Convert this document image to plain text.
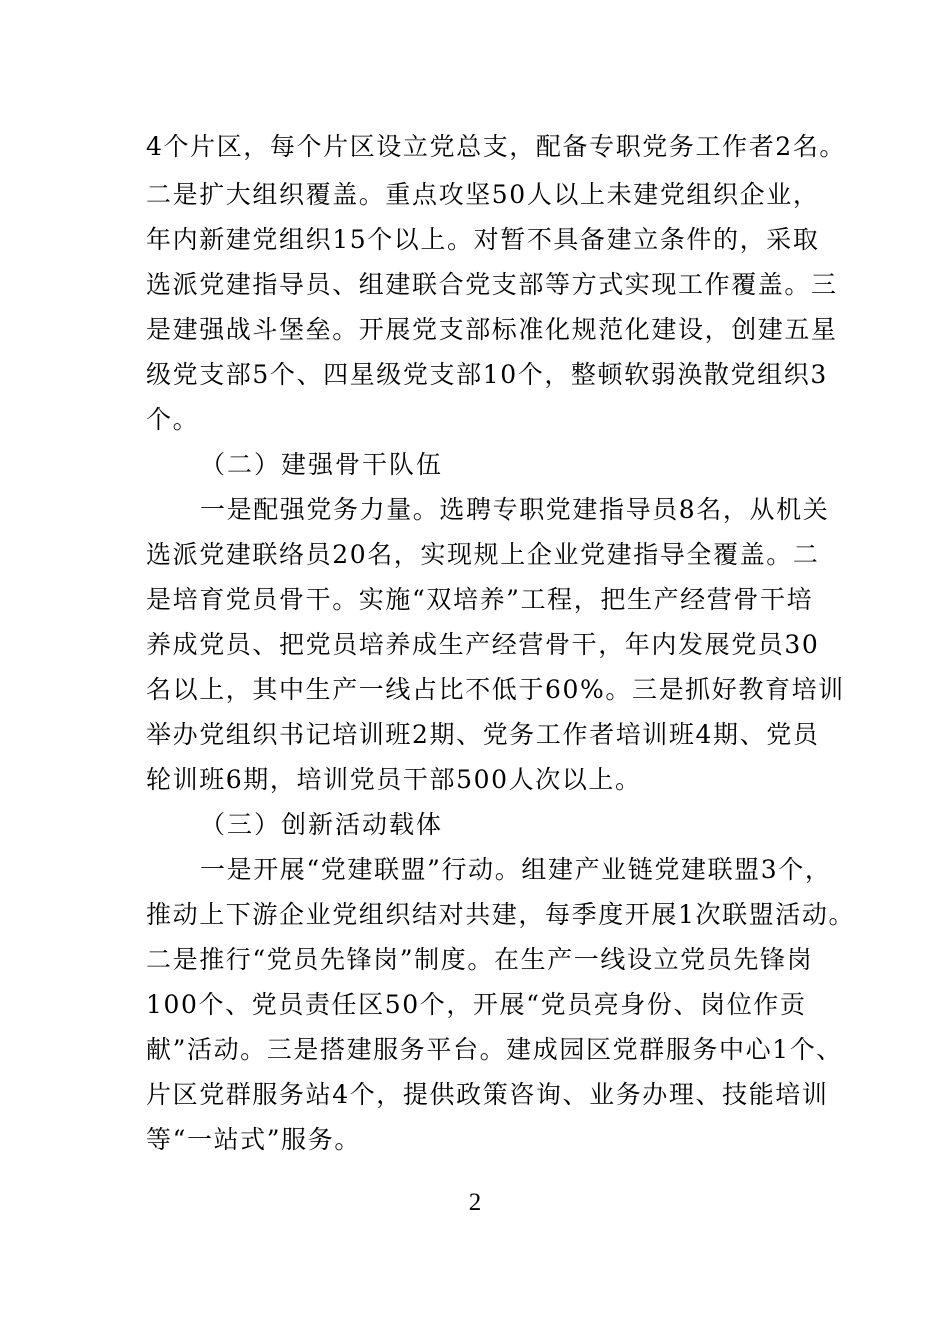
4个片区，每个片区设立党总支，配备专职党务工作者2名。
二是扩大组织覆盖。重点攻坚50人以上未建党组织企业，
年内新建党组织15个以上。对暂不具备建立条件的，采取
选派党建指导员、组建联合党支部等方式实现工作覆盖。三
是建强战斗堡垒。开展党支部标准化规范化建设，创建五星
级党支部5个、四星级党支部10个，整顿软弱涣散党组织3
个。
（二）建强骨干队伍
一是配强党务力量。选聘专职党建指导员8名，从机关
选派党建联络员20名，实现规上企业党建指导全覆盖。二
是培育党员骨干。实施“双培养”工程，把生产经营骨干培
养成党员、把党员培养成生产经营骨干，年内发展党员30
名以上，其中生产一线占比不低于60%。三是抓好教育培训
举办党组织书记培训班2期、党务工作者培训班4期、党员
轮训班6期，培训党员干部500人次以上。
（三）创新活动载体
一是开展“党建联盟”行动。组建产业链党建联盟3个，
推动上下游企业党组织结对共建，每季度开展1次联盟活动。
二是推行“党员先锋岗”制度。在生产一线设立党员先锋岗
100个、党员责任区50个，开展“党员亮身份、岗位作贡
献”活动。三是搭建服务平台。建成园区党群服务中心1个、
片区党群服务站4个，提供政策咨询、业务办理、技能培训
等“一站式”服务。
2
